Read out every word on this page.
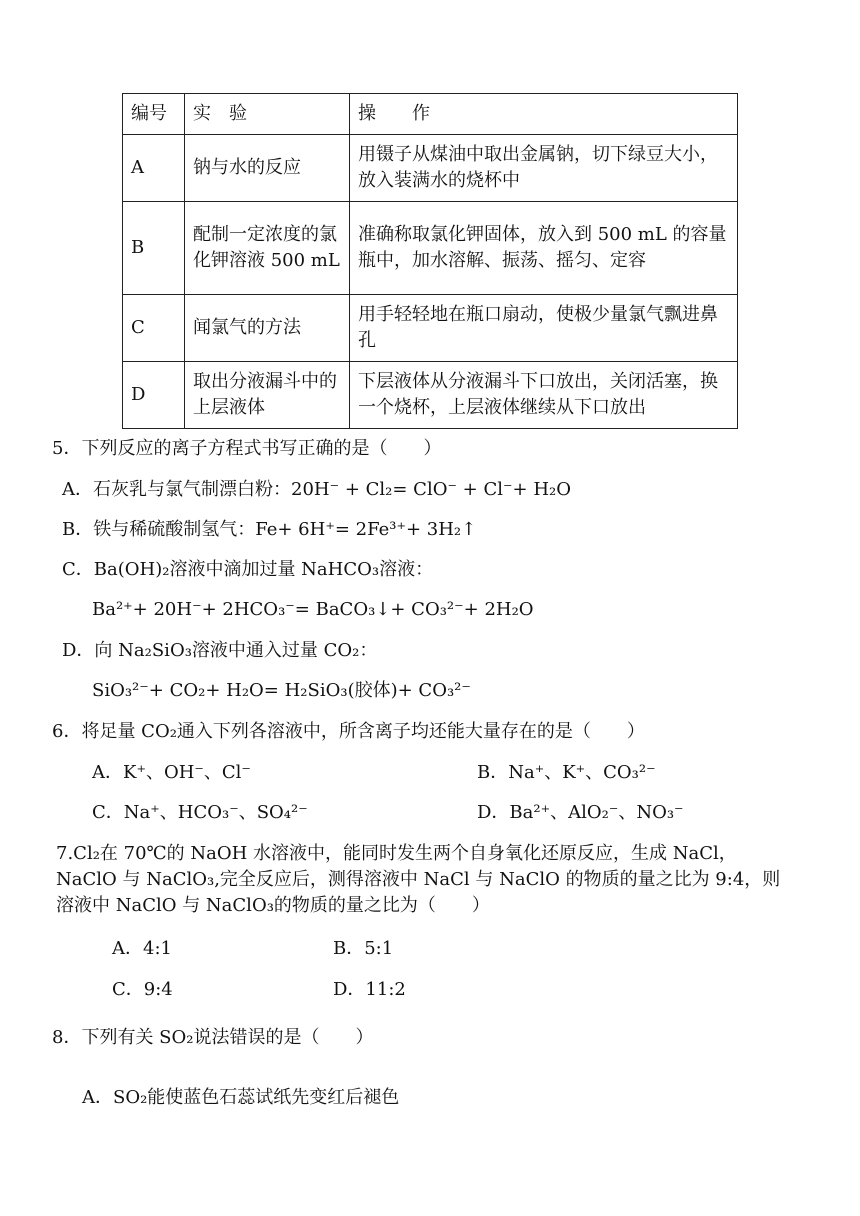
编号	实　验	操　　作
A	钠与水的反应	用镊子从煤油中取出金属钠，切下绿豆大小，放入装满水的烧杯中
B	配制一定浓度的氯化钾溶液 500 mL	准确称取氯化钾固体，放入到 500 mL 的容量瓶中，加水溶解、振荡、摇匀、定容
C	闻氯气的方法	用手轻轻地在瓶口扇动，使极少量氯气飘进鼻孔
D	取出分液漏斗中的上层液体	下层液体从分液漏斗下口放出，关闭活塞，换一个烧杯，上层液体继续从下口放出
5．下列反应的离子方程式书写正确的是（　　）
A．石灰乳与氯气制漂白粉：20H⁻ + Cl₂= ClO⁻ + Cl⁻+ H₂O
B．铁与稀硫酸制氢气：Fe+ 6H⁺= 2Fe³⁺+ 3H₂↑
C．Ba(OH)₂溶液中滴加过量 NaHCO₃溶液：
Ba²⁺+ 20H⁻+ 2HCO₃⁻= BaCO₃↓+ CO₃²⁻+ 2H₂O
D．向 Na₂SiO₃溶液中通入过量 CO₂：
SiO₃²⁻+ CO₂+ H₂O= H₂SiO₃(胶体)+ CO₃²⁻
6．将足量 CO₂通入下列各溶液中，所含离子均还能大量存在的是（　　）
A．K⁺、OH⁻、Cl⁻	B．Na⁺、K⁺、CO₃²⁻
C．Na⁺、HCO₃⁻、SO₄²⁻	D．Ba²⁺、AlO₂⁻、NO₃⁻
7.Cl₂在 70℃的 NaOH 水溶液中，能同时发生两个自身氧化还原反应，生成 NaCl，NaClO 与 NaClO₃,完全反应后，测得溶液中 NaCl 与 NaClO 的物质的量之比为 9:4，则溶液中 NaClO 与 NaClO₃的物质的量之比为（　　）
A．4:1	B．5:1
C．9:4	D．11:2
8．下列有关 SO₂说法错误的是（　　）
A．SO₂能使蓝色石蕊试纸先变红后褪色
